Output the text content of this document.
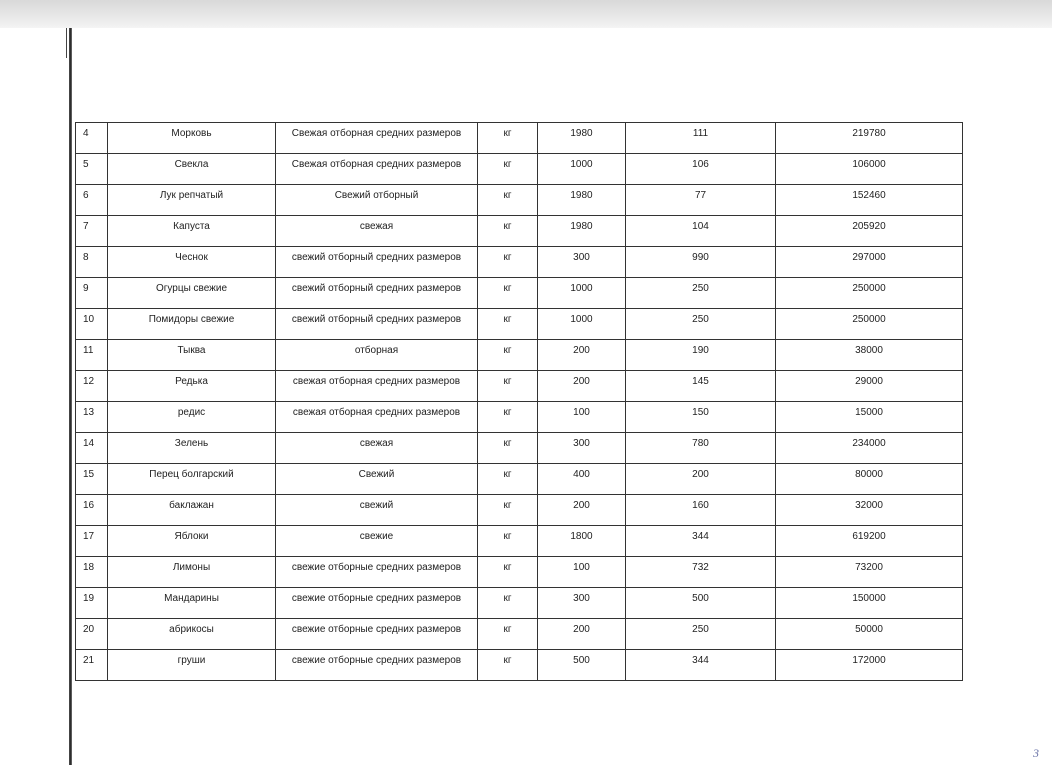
4	Морковь	Свежая отборная средних размеров	кг	1980	111	219780
5	Свекла	Свежая отборная средних размеров	кг	1000	106	106000
6	Лук репчатый	Свежий отборный	кг	1980	77	152460
7	Капуста	свежая	кг	1980	104	205920
8	Чеснок	свежий отборный средних размеров	кг	300	990	297000
9	Огурцы свежие	свежий отборный средних размеров	кг	1000	250	250000
10	Помидоры свежие	свежий отборный средних размеров	кг	1000	250	250000
11	Тыква	отборная	кг	200	190	38000
12	Редька	свежая отборная средних размеров	кг	200	145	29000
13	редис	свежая отборная средних размеров	кг	100	150	15000
14	Зелень	свежая	кг	300	780	234000
15	Перец болгарский	Свежий	кг	400	200	80000
16	баклажан	свежий	кг	200	160	32000
17	Яблоки	свежие	кг	1800	344	619200
18	Лимоны	свежие отборные средних размеров	кг	100	732	73200
19	Мандарины	свежие отборные средних размеров	кг	300	500	150000
20	абрикосы	свежие отборные средних размеров	кг	200	250	50000
21	груши	свежие отборные средних размеров	кг	500	344	172000
3
